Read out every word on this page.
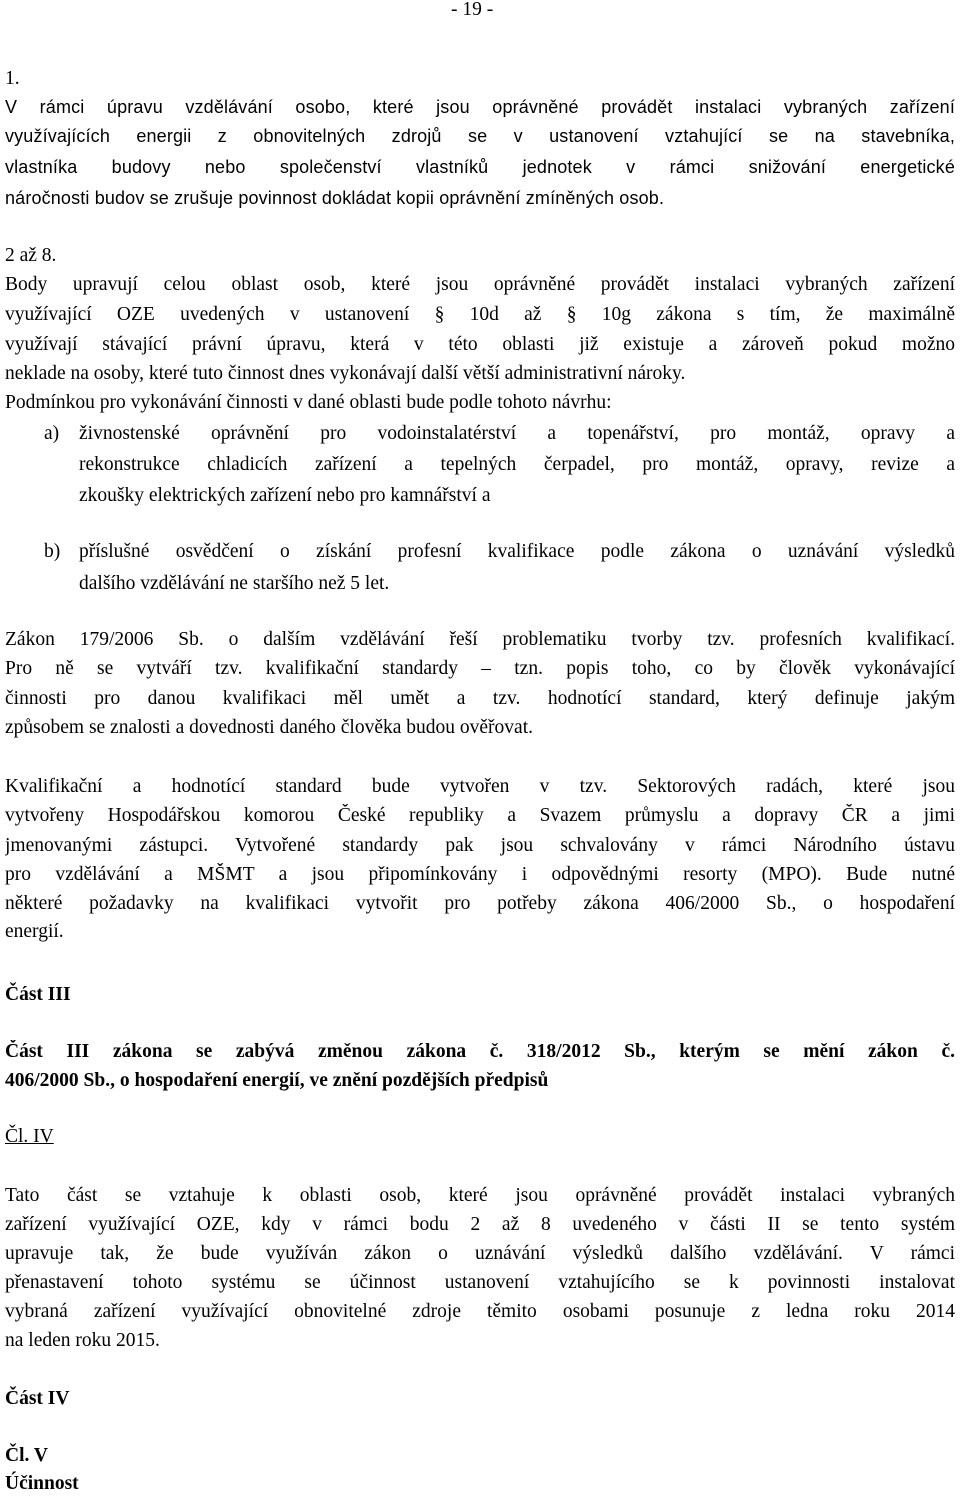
- 19 -
1.
V rámci úpravu vzdělávání osobo, které jsou oprávněné provádět instalaci vybraných zařízení
využívajících energii z obnovitelných zdrojů se v ustanovení vztahující se na stavebníka,
vlastníka budovy nebo společenství vlastníků jednotek v rámci snižování energetické
náročnosti budov se zrušuje povinnost dokládat kopii oprávnění zmíněných osob.
2 až 8.
Body upravují celou oblast osob, které jsou oprávněné provádět instalaci vybraných zařízení
využívající OZE uvedených v ustanovení § 10d až § 10g zákona s tím, že maximálně
využívají stávající právní úpravu, která v této oblasti již existuje a zároveň pokud možno
neklade na osoby, které tuto činnost dnes vykonávají další větší administrativní nároky.
Podmínkou pro vykonávání činnosti v dané oblasti bude podle tohoto návrhu:
a) živnostenské oprávnění pro vodoinstalatérství a topenářství, pro montáž, opravy a
rekonstrukce chladicích zařízení a tepelných čerpadel, pro montáž, opravy, revize a
zkoušky elektrických zařízení nebo pro kamnářství a
b) příslušné osvědčení o získání profesní kvalifikace podle zákona o uznávání výsledků
dalšího vzdělávání ne staršího než 5 let.
Zákon 179/2006 Sb. o dalším vzdělávání řeší problematiku tvorby tzv. profesních kvalifikací.
Pro ně se vytváří tzv. kvalifikační standardy – tzn. popis toho, co by člověk vykonávající
činnosti pro danou kvalifikaci měl umět a tzv. hodnotící standard, který definuje jakým
způsobem se znalosti a dovednosti daného člověka budou ověřovat.
Kvalifikační a hodnotící standard bude vytvořen v tzv. Sektorových radách, které jsou
vytvořeny Hospodářskou komorou České republiky a Svazem průmyslu a dopravy ČR a jimi
jmenovanými zástupci. Vytvořené standardy pak jsou schvalovány v rámci Národního ústavu
pro vzdělávání a MŠMT a jsou připomínkovány i odpovědnými resorty (MPO). Bude nutné
některé požadavky na kvalifikaci vytvořit pro potřeby zákona 406/2000 Sb., o hospodaření
energií.
Část III
Část III zákona se zabývá změnou zákona č. 318/2012 Sb., kterým se mění zákon č.
406/2000 Sb., o hospodaření energií, ve znění pozdějších předpisů
Čl. IV
Tato část se vztahuje k oblasti osob, které jsou oprávněné provádět instalaci vybraných
zařízení využívající OZE, kdy v rámci bodu 2 až 8 uvedeného v části II se tento systém
upravuje tak, že bude využíván zákon o uznávání výsledků dalšího vzdělávání. V rámci
přenastavení tohoto systému se účinnost ustanovení vztahujícího se k povinnosti instalovat
vybraná zařízení využívající obnovitelné zdroje těmito osobami posunuje z ledna roku 2014
na leden roku 2015.
Část IV
Čl. V
Účinnost
